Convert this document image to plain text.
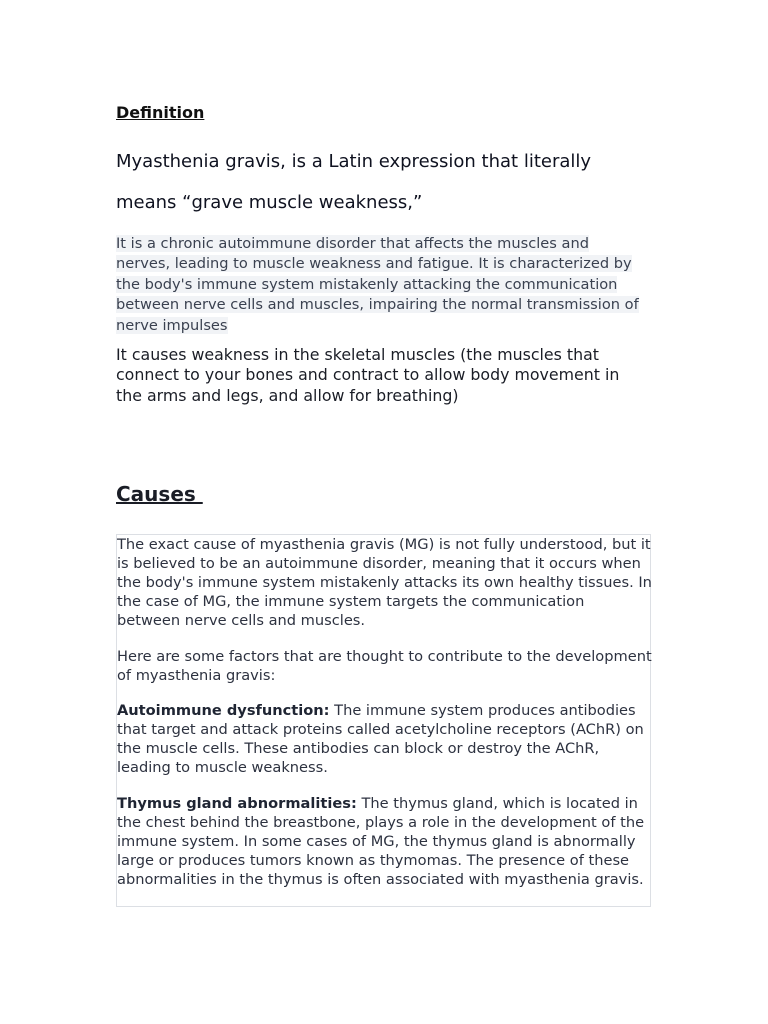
Definition

Myasthenia gravis, is a Latin expression that literally

means “grave muscle weakness,”

It is a chronic autoimmune disorder that affects the muscles and nerves, leading to muscle weakness and fatigue. It is characterized by the body's immune system mistakenly attacking the communication between nerve cells and muscles, impairing the normal transmission of nerve impulses

It causes weakness in the skeletal muscles (the muscles that connect to your bones and contract to allow body movement in the arms and legs, and allow for breathing)

Causes

The exact cause of myasthenia gravis (MG) is not fully understood, but it is believed to be an autoimmune disorder, meaning that it occurs when the body's immune system mistakenly attacks its own healthy tissues. In the case of MG, the immune system targets the communication between nerve cells and muscles.

Here are some factors that are thought to contribute to the development of myasthenia gravis:

Autoimmune dysfunction: The immune system produces antibodies that target and attack proteins called acetylcholine receptors (AChR) on the muscle cells. These antibodies can block or destroy the AChR, leading to muscle weakness.

Thymus gland abnormalities: The thymus gland, which is located in the chest behind the breastbone, plays a role in the development of the immune system. In some cases of MG, the thymus gland is abnormally large or produces tumors known as thymomas. The presence of these abnormalities in the thymus is often associated with myasthenia gravis.
